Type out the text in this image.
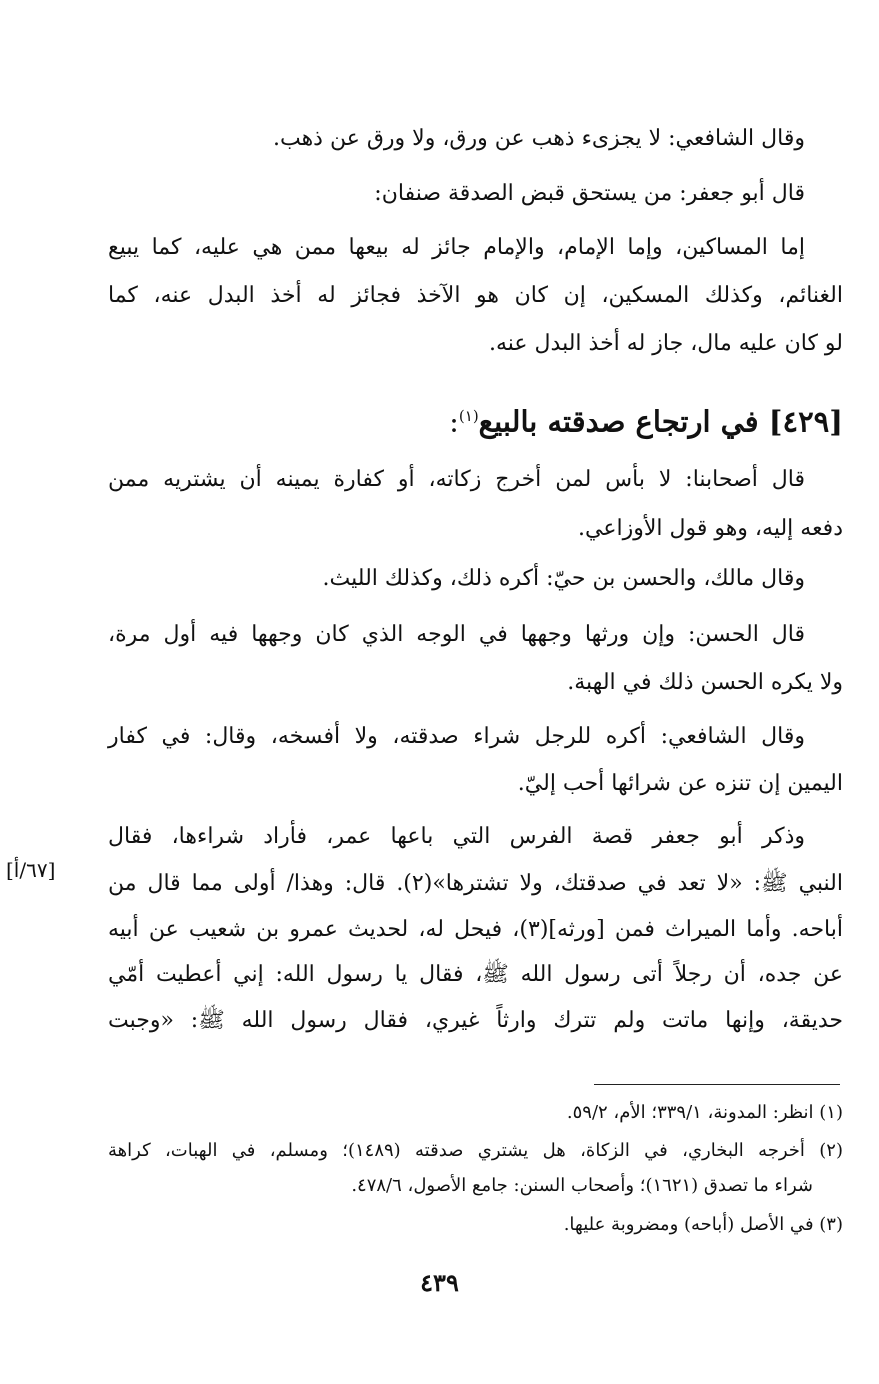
وقال الشافعي: لا يجزىء ذهب عن ورق، ولا ورق عن ذهب.
قال أبو جعفر: من يستحق قبض الصدقة صنفان:
إما المساكين، وإما الإمام، والإمام جائز له بيعها ممن هي عليه، كما يبيع
الغنائم، وكذلك المسكين، إن كان هو الآخذ فجائز له أخذ البدل عنه، كما
لو كان عليه مال، جاز له أخذ البدل عنه.
[٤٢٩] في ارتجاع صدقته بالبيع$^{(١)}$:
قال أصحابنا: لا بأس لمن أخرج زكاته، أو كفارة يمينه أن يشتريه ممن
دفعه إليه، وهو قول الأوزاعي.
وقال مالك، والحسن بن حيّ: أكره ذلك، وكذلك الليث.
قال الحسن: وإن ورثها وجهها في الوجه الذي كان وجهها فيه أول مرة،
ولا يكره الحسن ذلك في الهبة.
وقال الشافعي: أكره للرجل شراء صدقته، ولا أفسخه، وقال: في كفار
اليمين إن تنزه عن شرائها أحب إليّ.
وذكر أبو جعفر قصة الفرس التي باعها عمر، فأراد شراءها، فقال
النبي ﷺ: «لا تعد في صدقتك، ولا تشترها»(٢). قال: وهذا/ أولى مما قال من
أباحه. وأما الميراث فمن [ورثه](٣)، فيحل له، لحديث عمرو بن شعيب عن أبيه
عن جده، أن رجلاً أتى رسول الله ﷺ، فقال يا رسول الله: إني أعطيت أمّي
حديقة، وإنها ماتت ولم تترك وارثاً غيري، فقال رسول الله ﷺ: «وجبت
[٦٧/أ]
(١) انظر: المدونة، ٣٣٩/١؛ الأم، ٥٩/٢.
(٢) أخرجه البخاري، في الزكاة، هل يشتري صدقته (١٤٨٩)؛ ومسلم، في الهبات، كراهة
شراء ما تصدق (١٦٢١)؛ وأصحاب السنن: جامع الأصول، ٤٧٨/٦.
(٣) في الأصل (أباحه) ومضروبة عليها.
٤٣٩
